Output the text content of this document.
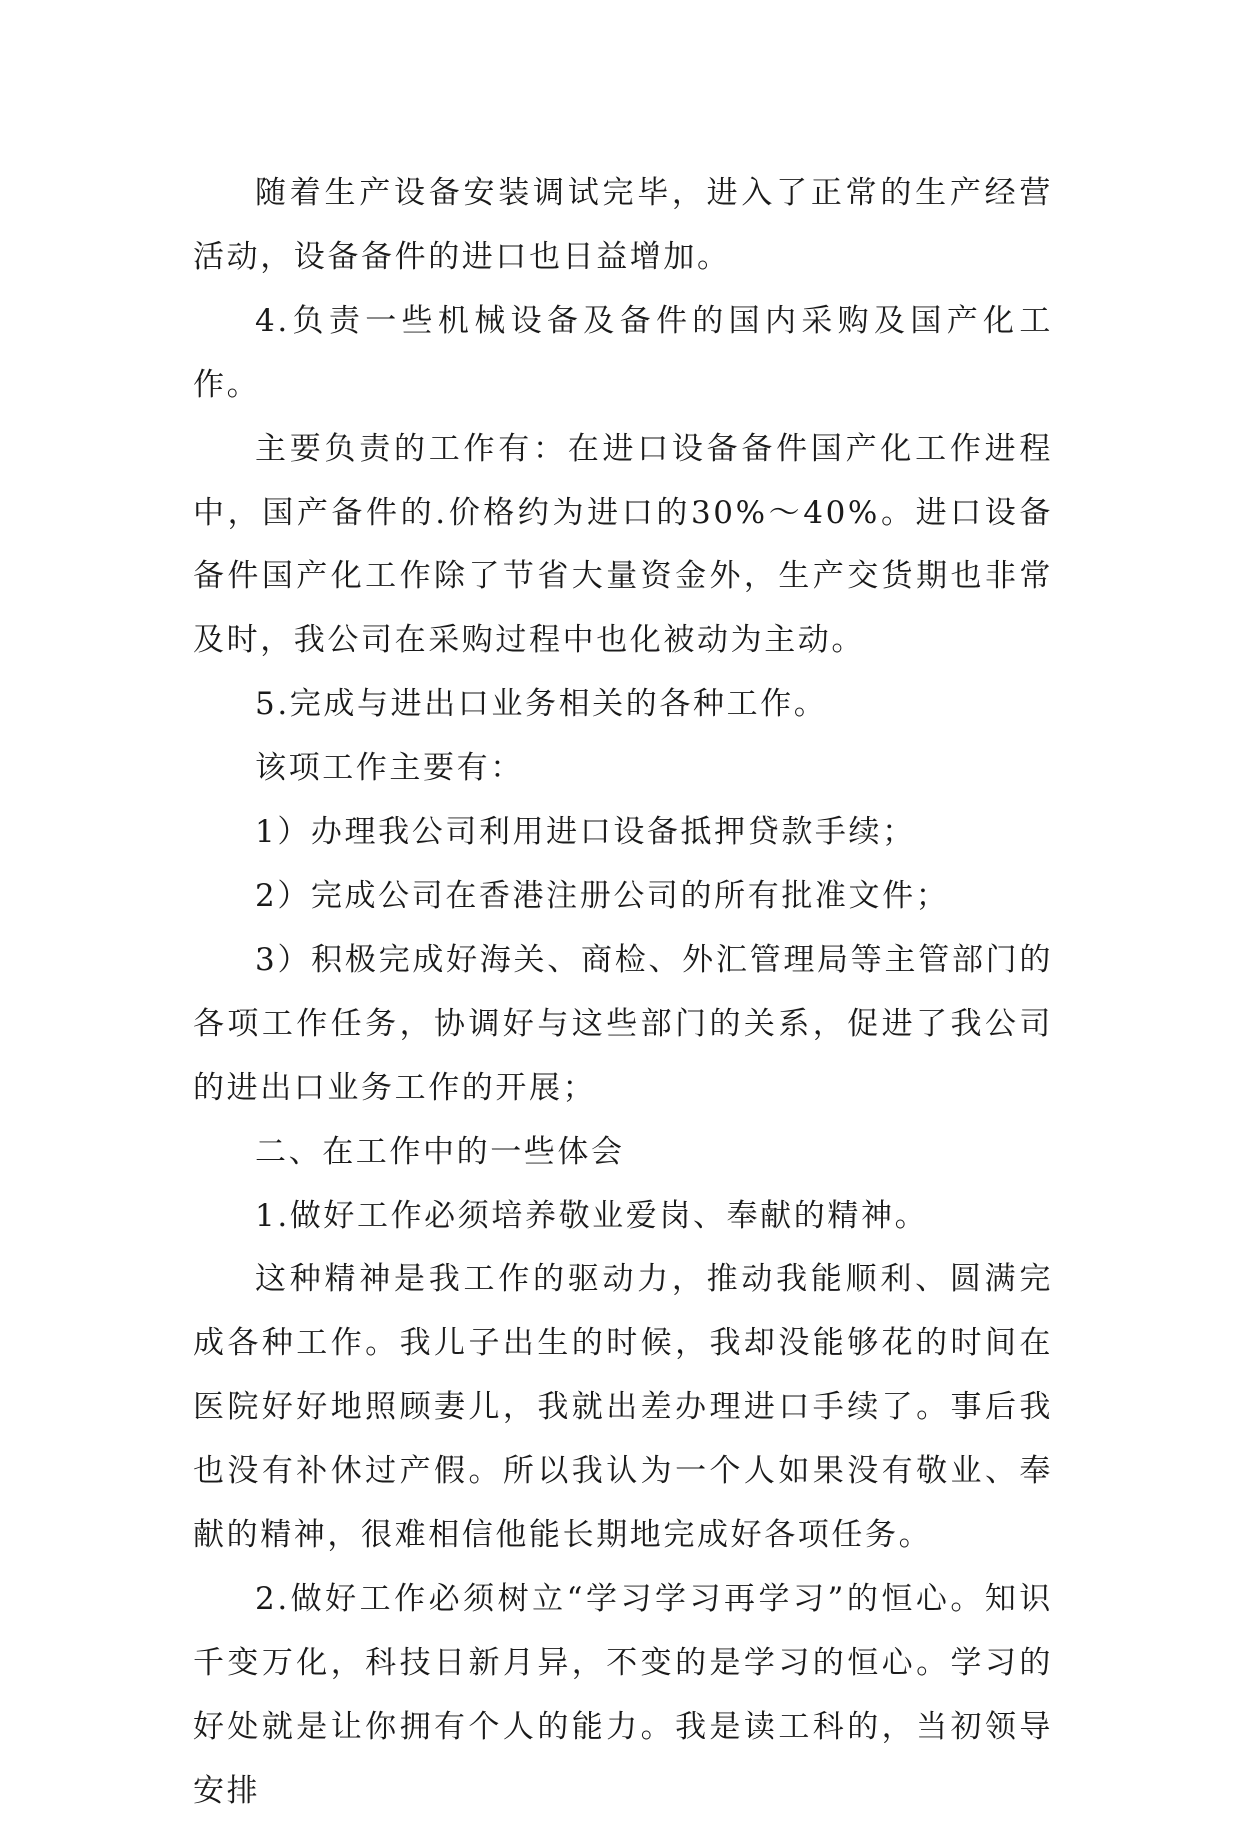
随着生产设备安装调试完毕，进入了正常的生产经营活动，设备备件的进口也日益增加。

4.负责一些机械设备及备件的国内采购及国产化工作。

主要负责的工作有：在进口设备备件国产化工作进程中，国产备件的.价格约为进口的30%～40%。进口设备备件国产化工作除了节省大量资金外，生产交货期也非常及时，我公司在采购过程中也化被动为主动。

5.完成与进出口业务相关的各种工作。

该项工作主要有：

1）办理我公司利用进口设备抵押贷款手续；

2）完成公司在香港注册公司的所有批准文件；

3）积极完成好海关、商检、外汇管理局等主管部门的各项工作任务，协调好与这些部门的关系，促进了我公司的进出口业务工作的开展；

二、在工作中的一些体会

1.做好工作必须培养敬业爱岗、奉献的精神。

这种精神是我工作的驱动力，推动我能顺利、圆满完成各种工作。我儿子出生的时候，我却没能够花的时间在医院好好地照顾妻儿，我就出差办理进口手续了。事后我也没有补休过产假。所以我认为一个人如果没有敬业、奉献的精神，很难相信他能长期地完成好各项任务。

2.做好工作必须树立“学习学习再学习”的恒心。知识千变万化，科技日新月异，不变的是学习的恒心。学习的好处就是让你拥有个人的能力。我是读工科的，当初领导安排
